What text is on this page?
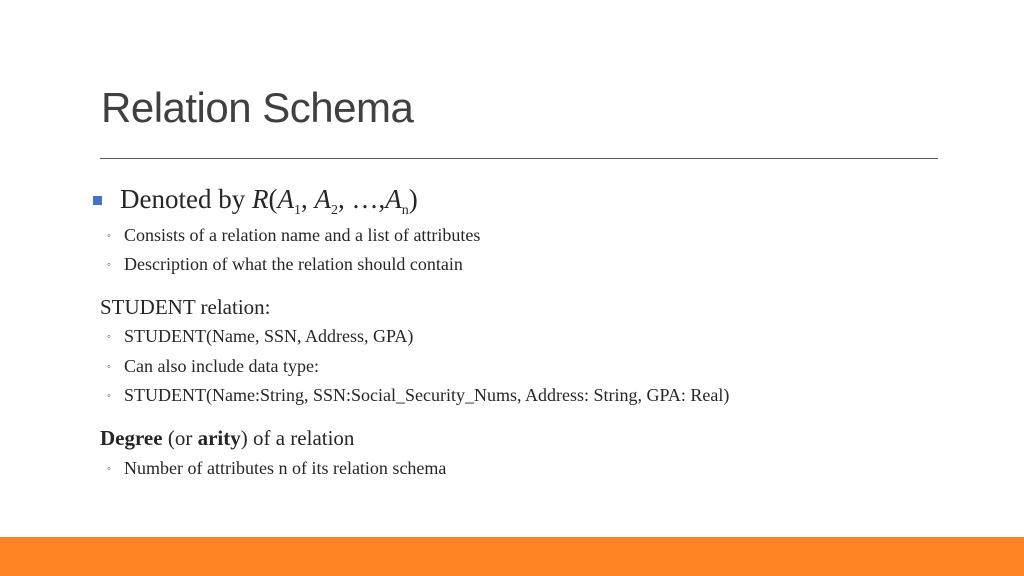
Relation Schema
Denoted by $R(A_1$, $A_2$, $\dots,A_n$)
◦ Consists of a relation name and a list of attributes
◦ Description of what the relation should contain
STUDENT relation:
◦ STUDENT(Name, SSN, Address, GPA)
◦ Can also include data type:
◦ STUDENT(Name:String, SSN:Social_Security_Nums, Address: String, GPA: Real)
Degree (or arity) of a relation
◦ Number of attributes n of its relation schema
